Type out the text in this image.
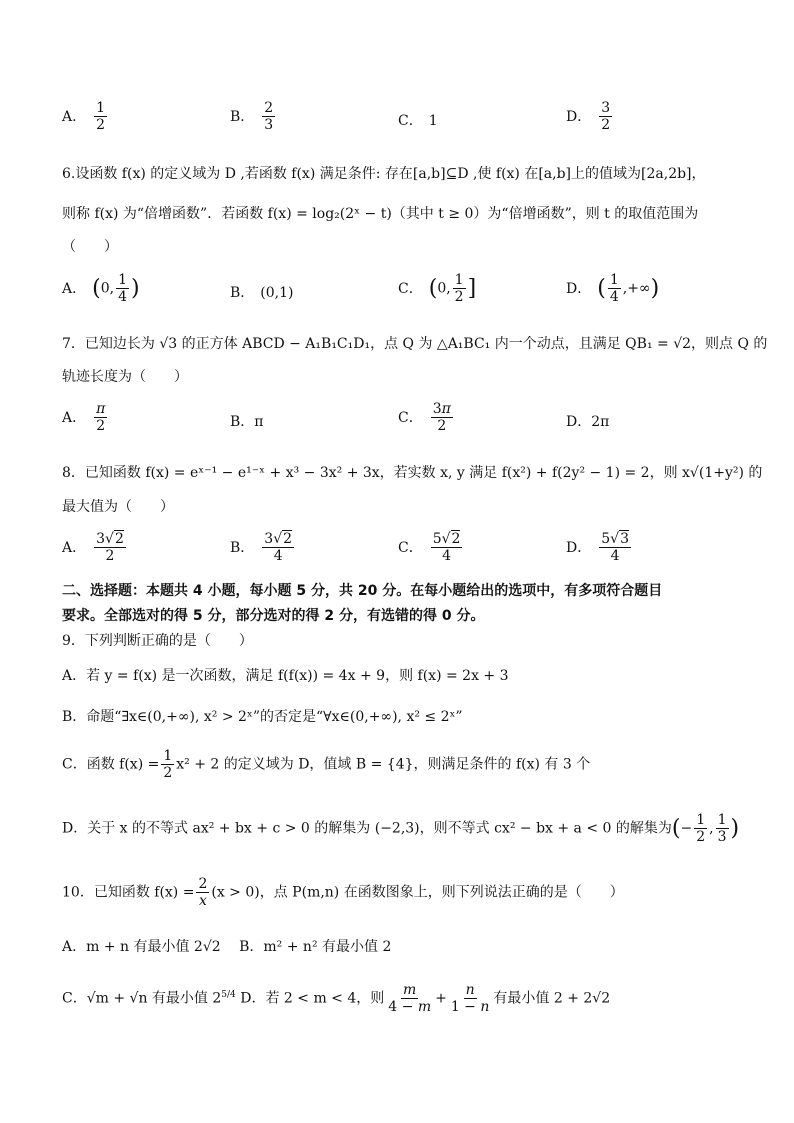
A． $\frac{1}{2}$	B． $\frac{2}{3}$	C． 1	D． $\frac{3}{2}$
6.设函数 f(x) 的定义域为 D ,若函数 f(x) 满足条件: 存在[a,b]⊆D ,使 f(x) 在[a,b]上的值域为[2a,2b]，
则称 f(x) 为“倍增函数”．若函数 f(x) = log₂(2ˣ − t)（其中 t ≥ 0）为“倍增函数”，则 t 的取值范围为
（　　）
A． (0, $\frac{1}{4}$ )	B． (0,1)	C． (0, $\frac{1}{2}$ ]	D． ( $\frac{1}{4}$ ,+∞)
7．已知边长为 √3 的正方体 ABCD − A₁B₁C₁D₁，点 Q 为 △A₁BC₁ 内一个动点，且满足 QB₁ = √2，则点 Q 的
轨迹长度为（　　）
A． $\frac{\pi}{2}$	B．π	C． $\frac{3\pi}{2}$	D．2π
8．已知函数 f(x) = eˣ⁻¹ − e¹⁻ˣ + x³ − 3x² + 3x，若实数 x, y 满足 f(x²) + f(2y² − 1) = 2，则 x√(1+y²) 的
最大值为（　　）
A． $\frac{3√2}{2}$	B． $\frac{3√2}{4}$	C． $\frac{5√2}{4}$	D． $\frac{5√3}{4}$
二、选择题：本题共 4 小题，每小题 5 分，共 20 分。在每小题给出的选项中，有多项符合题目
要求。全部选对的得 5 分，部分选对的得 2 分，有选错的得 0 分。
9．下列判断正确的是（　　）
A．若 y = f(x) 是一次函数，满足 f(f(x)) = 4x + 9，则 f(x) = 2x + 3
B．命题“∃x∈(0,+∞), x² > 2ˣ”的否定是“∀x∈(0,+∞), x² ≤ 2ˣ”
C．函数 $f(x) = \frac{1}{2} x^2 + 2$ 的定义域为 D，值域 B = {4}，则满足条件的 f(x) 有 3 个
D．关于 x 的不等式 ax² + bx + c > 0 的解集为 (−2,3)，则不等式 cx² − bx + a < 0 的解集为(− $\frac{1}{2}$ , $\frac{1}{3}$ )
10．已知函数 $f(x) = \frac{2}{x} (x > 0)$，点 P(m,n) 在函数图象上，则下列说法正确的是（　　）
A．m + n 有最小值 2√2　 B．m² + n² 有最小值 2
C．√m + √n 有最小值 $2^{5/4}$ D．若 2 < m < 4，则 $\frac{m}{4 - m} + \frac{n}{1 - n}$ 有最小值 2 + 2√2
